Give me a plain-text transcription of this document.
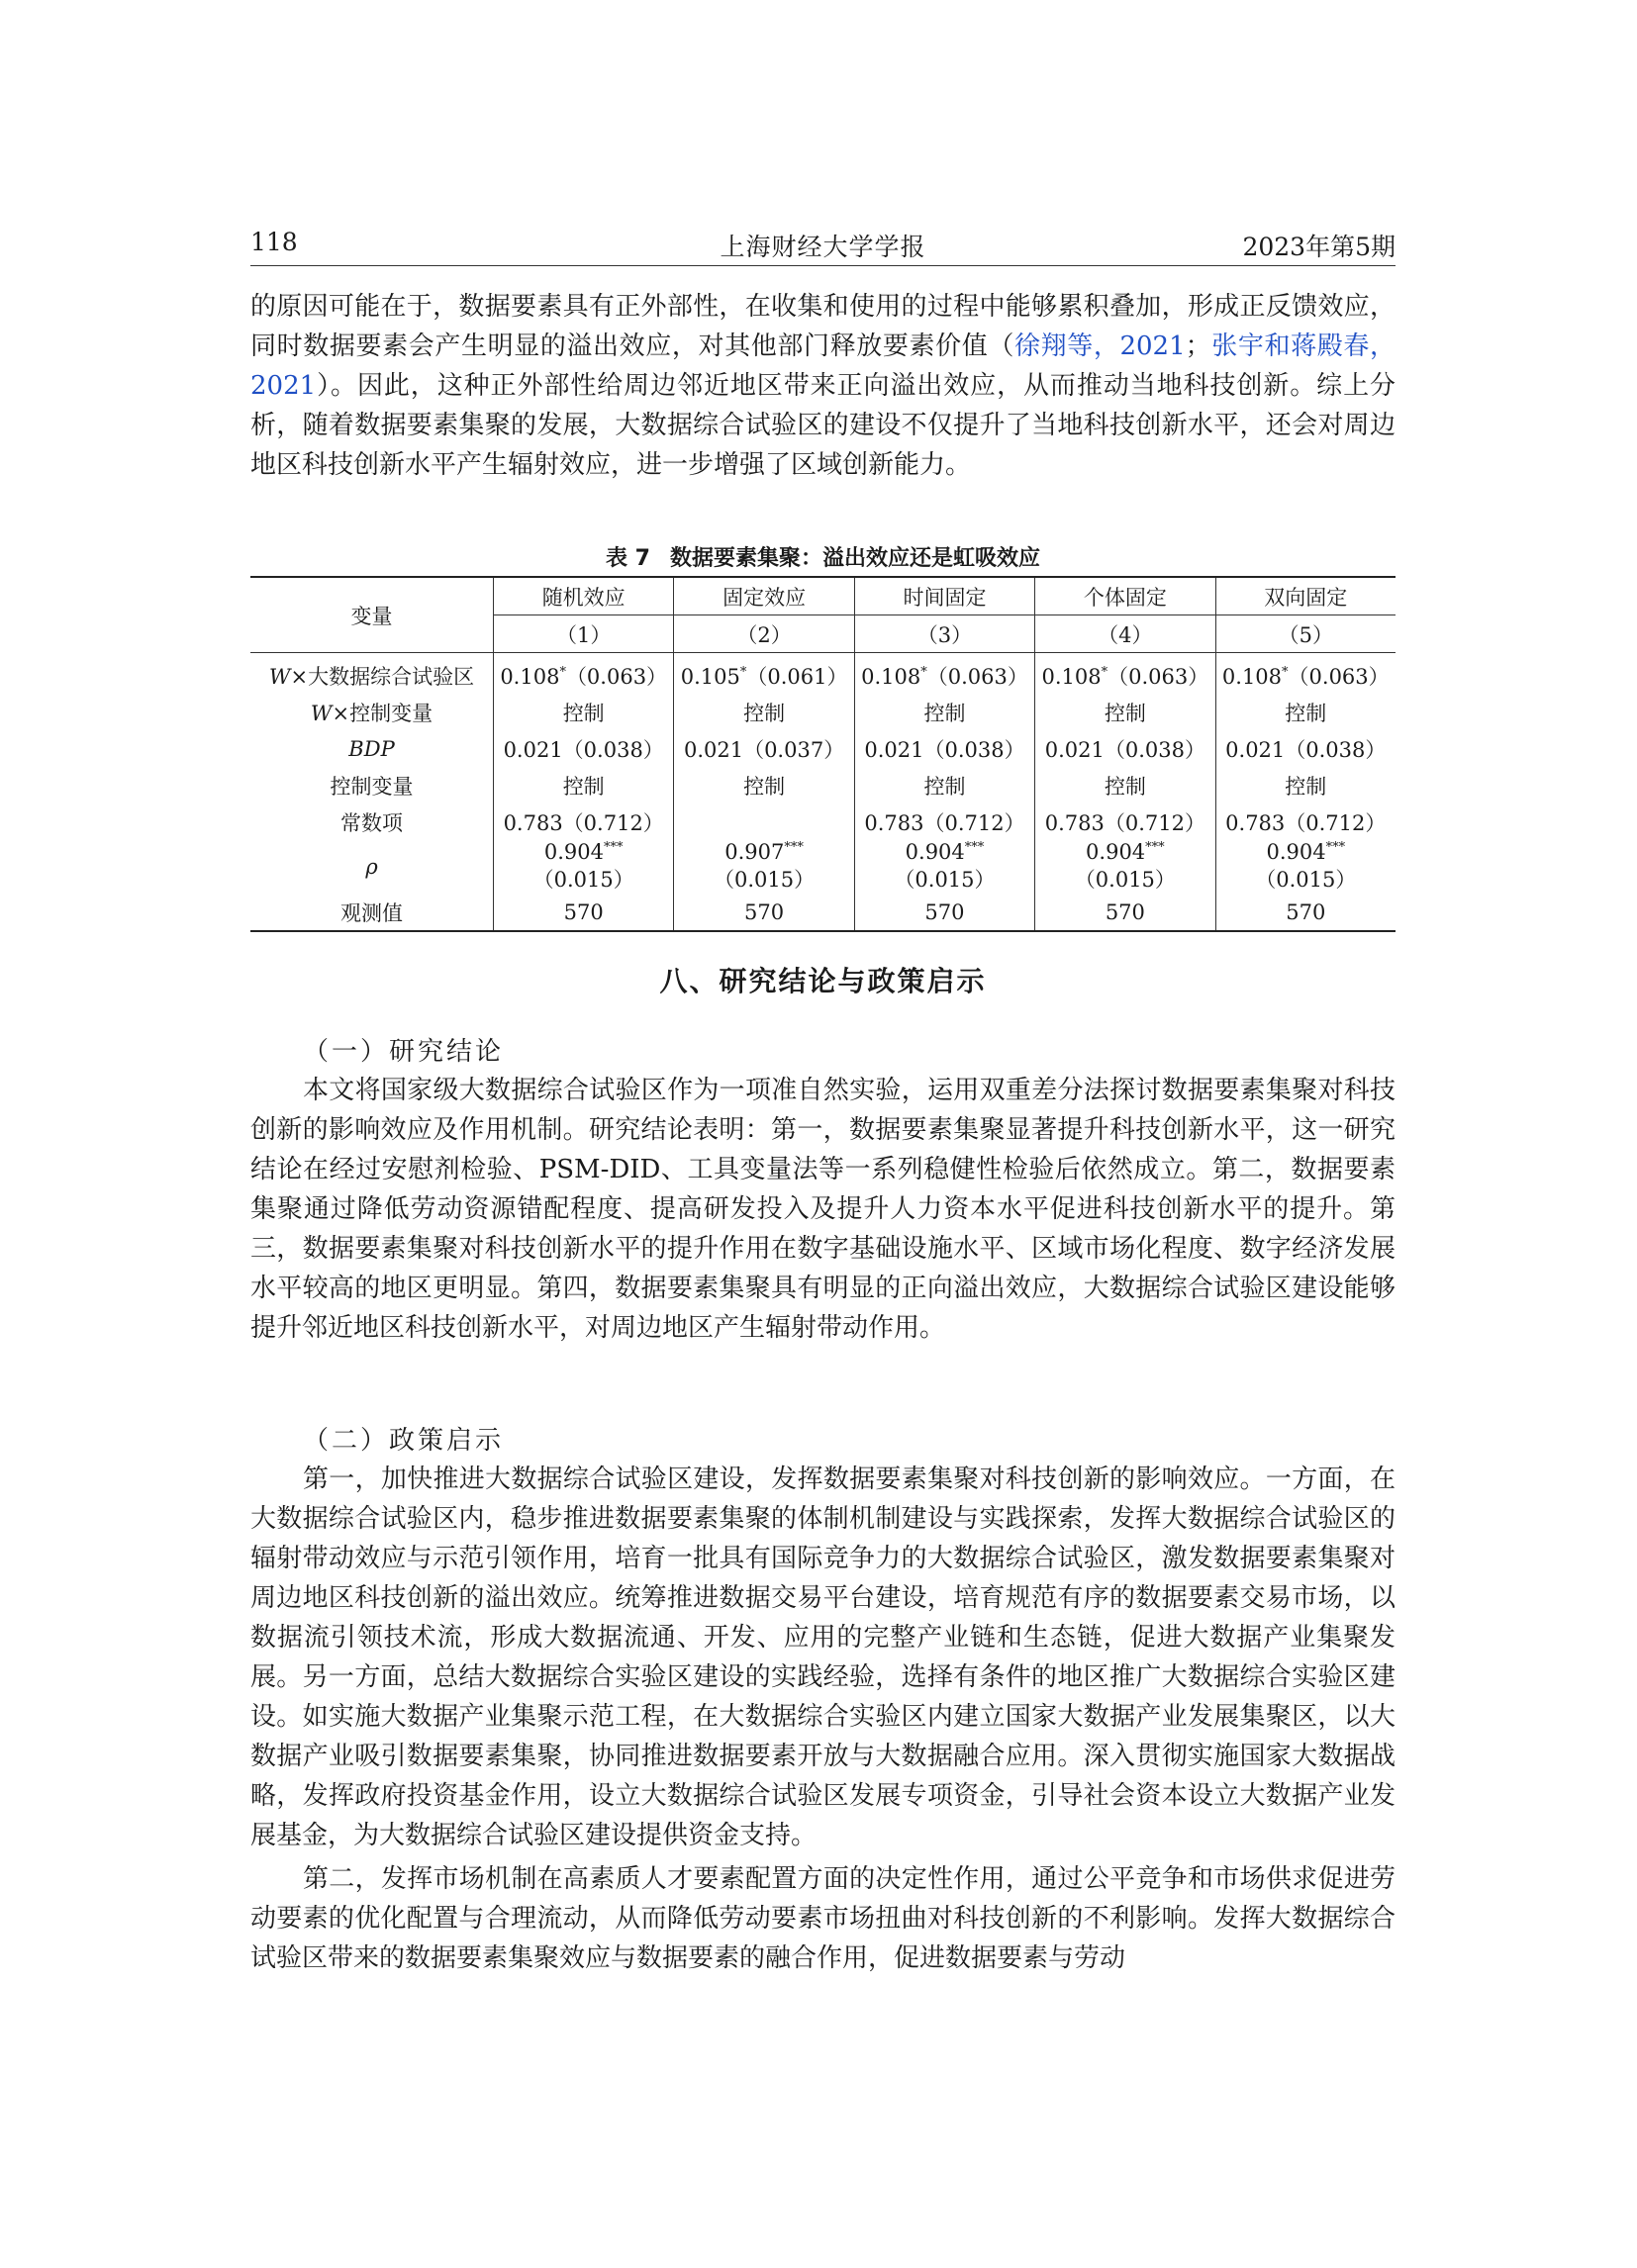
118	上海财经大学学报	2023年第5期

的原因可能在于，数据要素具有正外部性，在收集和使用的过程中能够累积叠加，形成正反馈效应，同时数据要素会产生明显的溢出效应，对其他部门释放要素价值（徐翔等，2021；张宇和蒋殿春，2021）。因此，这种正外部性给周边邻近地区带来正向溢出效应，从而推动当地科技创新。综上分析，随着数据要素集聚的发展，大数据综合试验区的建设不仅提升了当地科技创新水平，还会对周边地区科技创新水平产生辐射效应，进一步增强了区域创新能力。

表 7 数据要素集聚：溢出效应还是虹吸效应
变量	随机效应	固定效应	时间固定	个体固定	双向固定
	（1）	（2）	（3）	（4）	（5）
W×大数据综合试验区	0.108*（0.063）	0.105*（0.061）	0.108*（0.063）	0.108*（0.063）	0.108*（0.063）
W×控制变量	控制	控制	控制	控制	控制
BDP	0.021（0.038）	0.021（0.037）	0.021（0.038）	0.021（0.038）	0.021（0.038）
控制变量	控制	控制	控制	控制	控制
常数项	0.783（0.712）		0.783（0.712）	0.783（0.712）	0.783（0.712）
ρ	0.904***（0.015）	0.907***（0.015）	0.904***（0.015）	0.904***（0.015）	0.904***（0.015）
观测值	570	570	570	570	570
八、研究结论与政策启示
（一）研究结论

本文将国家级大数据综合试验区作为一项准自然实验，运用双重差分法探讨数据要素集聚对科技创新的影响效应及作用机制。研究结论表明：第一，数据要素集聚显著提升科技创新水平，这一研究结论在经过安慰剂检验、PSM-DID、工具变量法等一系列稳健性检验后依然成立。第二，数据要素集聚通过降低劳动资源错配程度、提高研发投入及提升人力资本水平促进科技创新水平的提升。第三，数据要素集聚对科技创新水平的提升作用在数字基础设施水平、区域市场化程度、数字经济发展水平较高的地区更明显。第四，数据要素集聚具有明显的正向溢出效应，大数据综合试验区建设能够提升邻近地区科技创新水平，对周边地区产生辐射带动作用。

（二）政策启示

第一，加快推进大数据综合试验区建设，发挥数据要素集聚对科技创新的影响效应。一方面，在大数据综合试验区内，稳步推进数据要素集聚的体制机制建设与实践探索，发挥大数据综合试验区的辐射带动效应与示范引领作用，培育一批具有国际竞争力的大数据综合试验区，激发数据要素集聚对周边地区科技创新的溢出效应。统筹推进数据交易平台建设，培育规范有序的数据要素交易市场，以数据流引领技术流，形成大数据流通、开发、应用的完整产业链和生态链，促进大数据产业集聚发展。另一方面，总结大数据综合实验区建设的实践经验，选择有条件的地区推广大数据综合实验区建设。如实施大数据产业集聚示范工程，在大数据综合实验区内建立国家大数据产业发展集聚区，以大数据产业吸引数据要素集聚，协同推进数据要素开放与大数据融合应用。深入贯彻实施国家大数据战略，发挥政府投资基金作用，设立大数据综合试验区发展专项资金，引导社会资本设立大数据产业发展基金，为大数据综合试验区建设提供资金支持。

第二，发挥市场机制在高素质人才要素配置方面的决定性作用，通过公平竞争和市场供求促进劳动要素的优化配置与合理流动，从而降低劳动要素市场扭曲对科技创新的不利影响。发挥大数据综合试验区带来的数据要素集聚效应与数据要素的融合作用，促进数据要素与劳动
